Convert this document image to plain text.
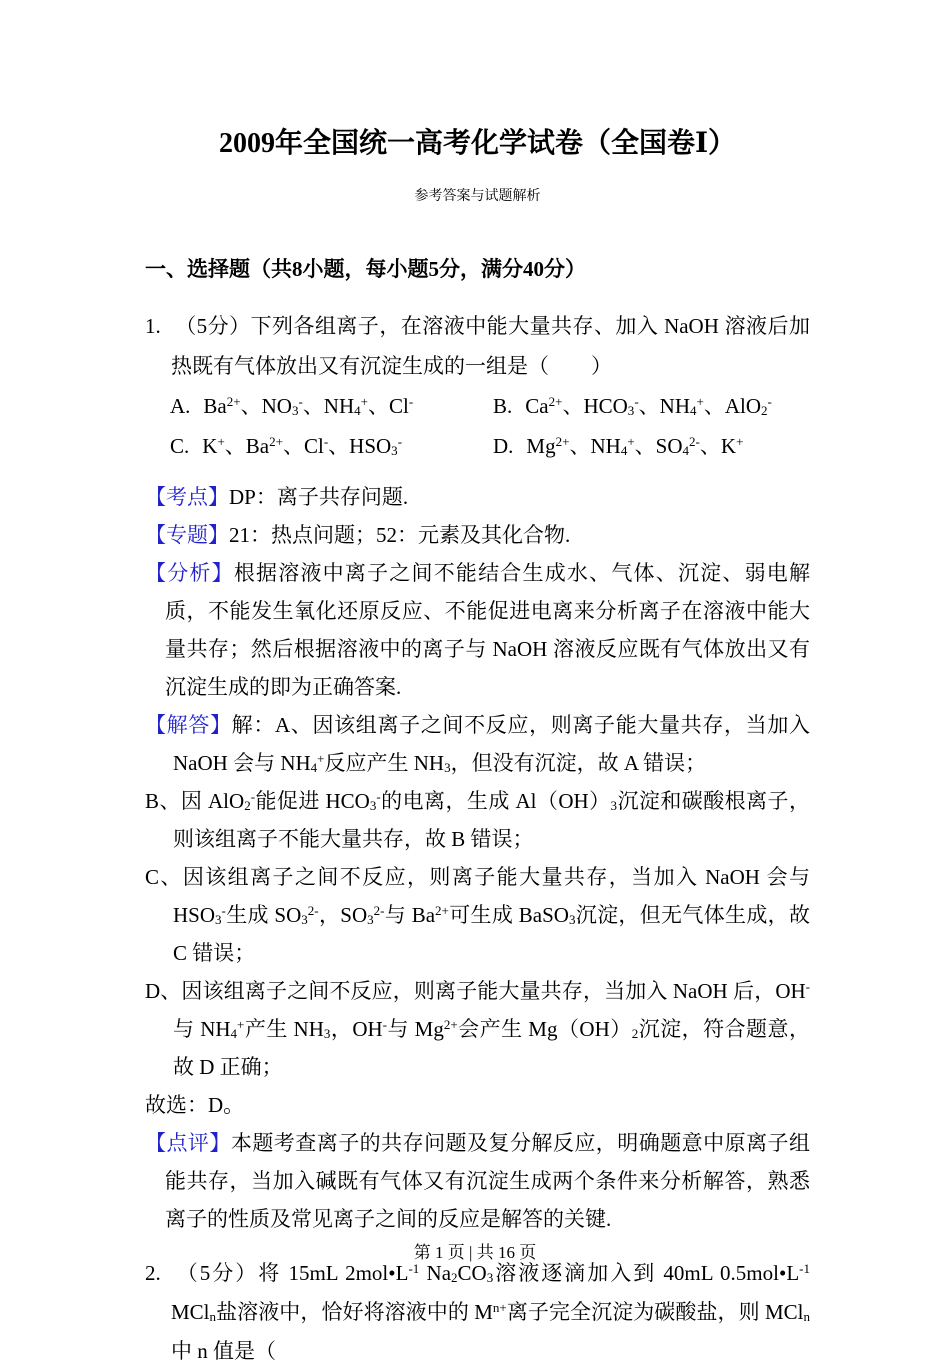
2009年全国统一高考化学试卷（全国卷Ⅰ）
参考答案与试题解析
一、选择题（共8小题，每小题5分，满分40分）

1. （5分）下列各组离子，在溶液中能大量共存、加入 NaOH 溶液后加热既有气体放出又有沉淀生成的一组是（　　）

A. $Ba^{2+}$、$NO_3^-$、$NH_4^+$、Cl-	B. $Ca^{2+}$、$HCO_3^-$、$NH_4^+$、AlO$_2$-
C. K+、$Ba^{2+}$、Cl-、$HSO_3^-$	D. $Mg^{2+}$、$NH_4^+$、$SO_4^{2-}$、K+

【考点】DP：离子共存问题.

【专题】21：热点问题；52：元素及其化合物.

【分析】根据溶液中离子之间不能结合生成水、气体、沉淀、弱电解质，不能发生氧化还原反应、不能促进电离来分析离子在溶液中能大量共存；然后根据溶液中的离子与 NaOH 溶液反应既有气体放出又有沉淀生成的即为正确答案.

【解答】解：A、因该组离子之间不反应，则离子能大量共存，当加入 NaOH 会与 $NH_4^+$反应产生 $NH_3$，但没有沉淀，故 A 错误；

B、因 AlO$_2$-能促进 $HCO_3^-$的电离，生成 $Al(OH)_3$沉淀和碳酸根离子，则该组离子不能大量共存，故 B 错误；

C、因该组离子之间不反应，则离子能大量共存，当加入 NaOH 会与 $HSO_3^-$生成 $SO_3^{2-}$，$SO_3^{2-}$与 $Ba^{2+}$可生成 BaSO$_3$沉淀，但无气体生成，故 C 错误；

D、因该组离子之间不反应，则离子能大量共存，当加入 NaOH 后，OH-与 $NH_4^+$产生 $NH_3$，OH-与 $Mg^{2+}$会产生 $Mg(OH)_2$沉淀，符合题意，故 D 正确；

故选：D。

【点评】本题考查离子的共存问题及复分解反应，明确题意中原离子组能共存，当加入碱既有气体又有沉淀生成两个条件来分析解答，熟悉离子的性质及常见离子之间的反应是解答的关键.

2. （5分）将 15mL $2mol•L^{-1}$ $Na_2CO_3$溶液逐滴加入到 40mL $0.5mol•L^{-1}$ MCl$_n$盐溶液中，恰好将溶液中的 $M^{n+}$离子完全沉淀为碳酸盐，则 MCl$_n$中 n 值是（

第 1 页 | 共 16 页
